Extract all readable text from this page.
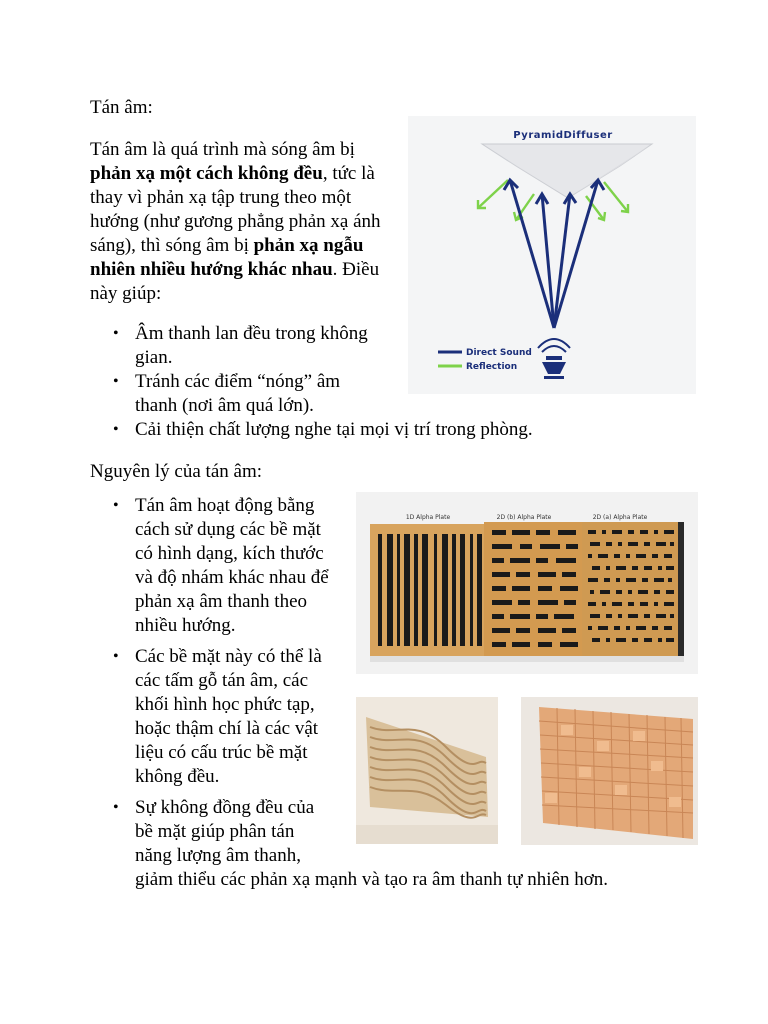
Tán âm:
Tán âm là quá trình mà sóng âm bị
phản xạ một cách không đều, tức là
thay vì phản xạ tập trung theo một
hướng (như gương phẳng phản xạ ánh
sáng), thì sóng âm bị phản xạ ngẫu
nhiên nhiều hướng khác nhau. Điều
này giúp:
• Âm thanh lan đều trong không
gian.
• Tránh các điểm “nóng” âm
thanh (nơi âm quá lớn).
• Cải thiện chất lượng nghe tại mọi vị trí trong phòng.
Nguyên lý của tán âm:
• Tán âm hoạt động bằng
cách sử dụng các bề mặt
có hình dạng, kích thước
và độ nhám khác nhau để
phản xạ âm thanh theo
nhiều hướng.
• Các bề mặt này có thể là
các tấm gỗ tán âm, các
khối hình học phức tạp,
hoặc thậm chí là các vật
liệu có cấu trúc bề mặt
không đều.
• Sự không đồng đều của
bề mặt giúp phân tán
năng lượng âm thanh,
giảm thiểu các phản xạ mạnh và tạo ra âm thanh tự nhiên hơn.
PyramidDiffuser
Direct Sound
Reflection
1D Alpha Plate	2D (b) Alpha Plate	2D (a) Alpha Plate
